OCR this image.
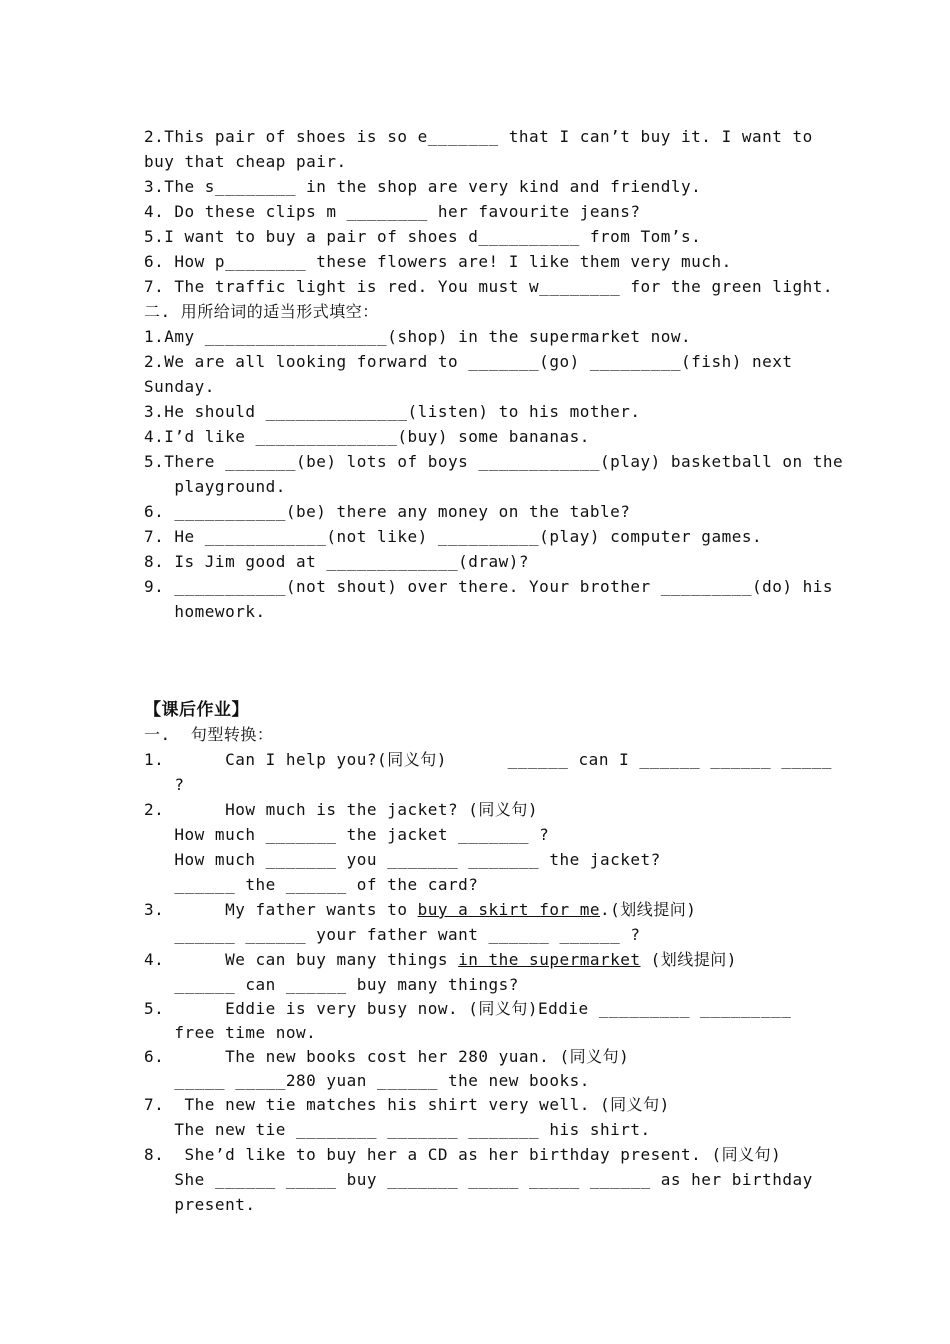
2.This pair of shoes is so e_______ that I can’t buy it. I want to
buy that cheap pair.
3.The s________ in the shop are very kind and friendly.
4. Do these clips m ________ her favourite jeans?
5.I want to buy a pair of shoes d__________ from Tom’s.
6. How p________ these flowers are! I like them very much.
7. The traffic light is red. You must w________ for the green light.
二. 用所给词的适当形式填空：
1.Amy __________________(shop) in the supermarket now.
2.We are all looking forward to _______(go) _________(fish) next
Sunday.
3.He should ______________(listen) to his mother.
4.I’d like ______________(buy) some bananas.
5.There _______(be) lots of boys ____________(play) basketball on the
playground.
6. ___________(be) there any money on the table?
7. He ____________(not like) __________(play) computer games.
8. Is Jim good at _____________(draw)?
9. ___________(not shout) over there. Your brother _________(do) his
homework.
【课后作业】
一.  句型转换：
1.      Can I help you?(同义句)      ______ can I ______ ______ _____
?
2.      How much is the jacket? (同义句)
How much _______ the jacket _______ ?
How much _______ you _______ _______ the jacket?
______ the ______ of the card?
3.      My father wants to buy a skirt for me.(划线提问)
______ ______ your father want ______ ______ ?
4.      We can buy many things in the supermarket (划线提问)
______ can ______ buy many things?
5.      Eddie is very busy now. (同义句)Eddie _________ _________
free time now.
6.      The new books cost her 280 yuan. (同义句)
_____ _____280 yuan ______ the new books.
7.  The new tie matches his shirt very well. (同义句)
The new tie ________ _______ _______ his shirt.
8.  She’d like to buy her a CD as her birthday present. (同义句)
She ______ _____ buy _______ _____ _____ ______ as her birthday
present.
